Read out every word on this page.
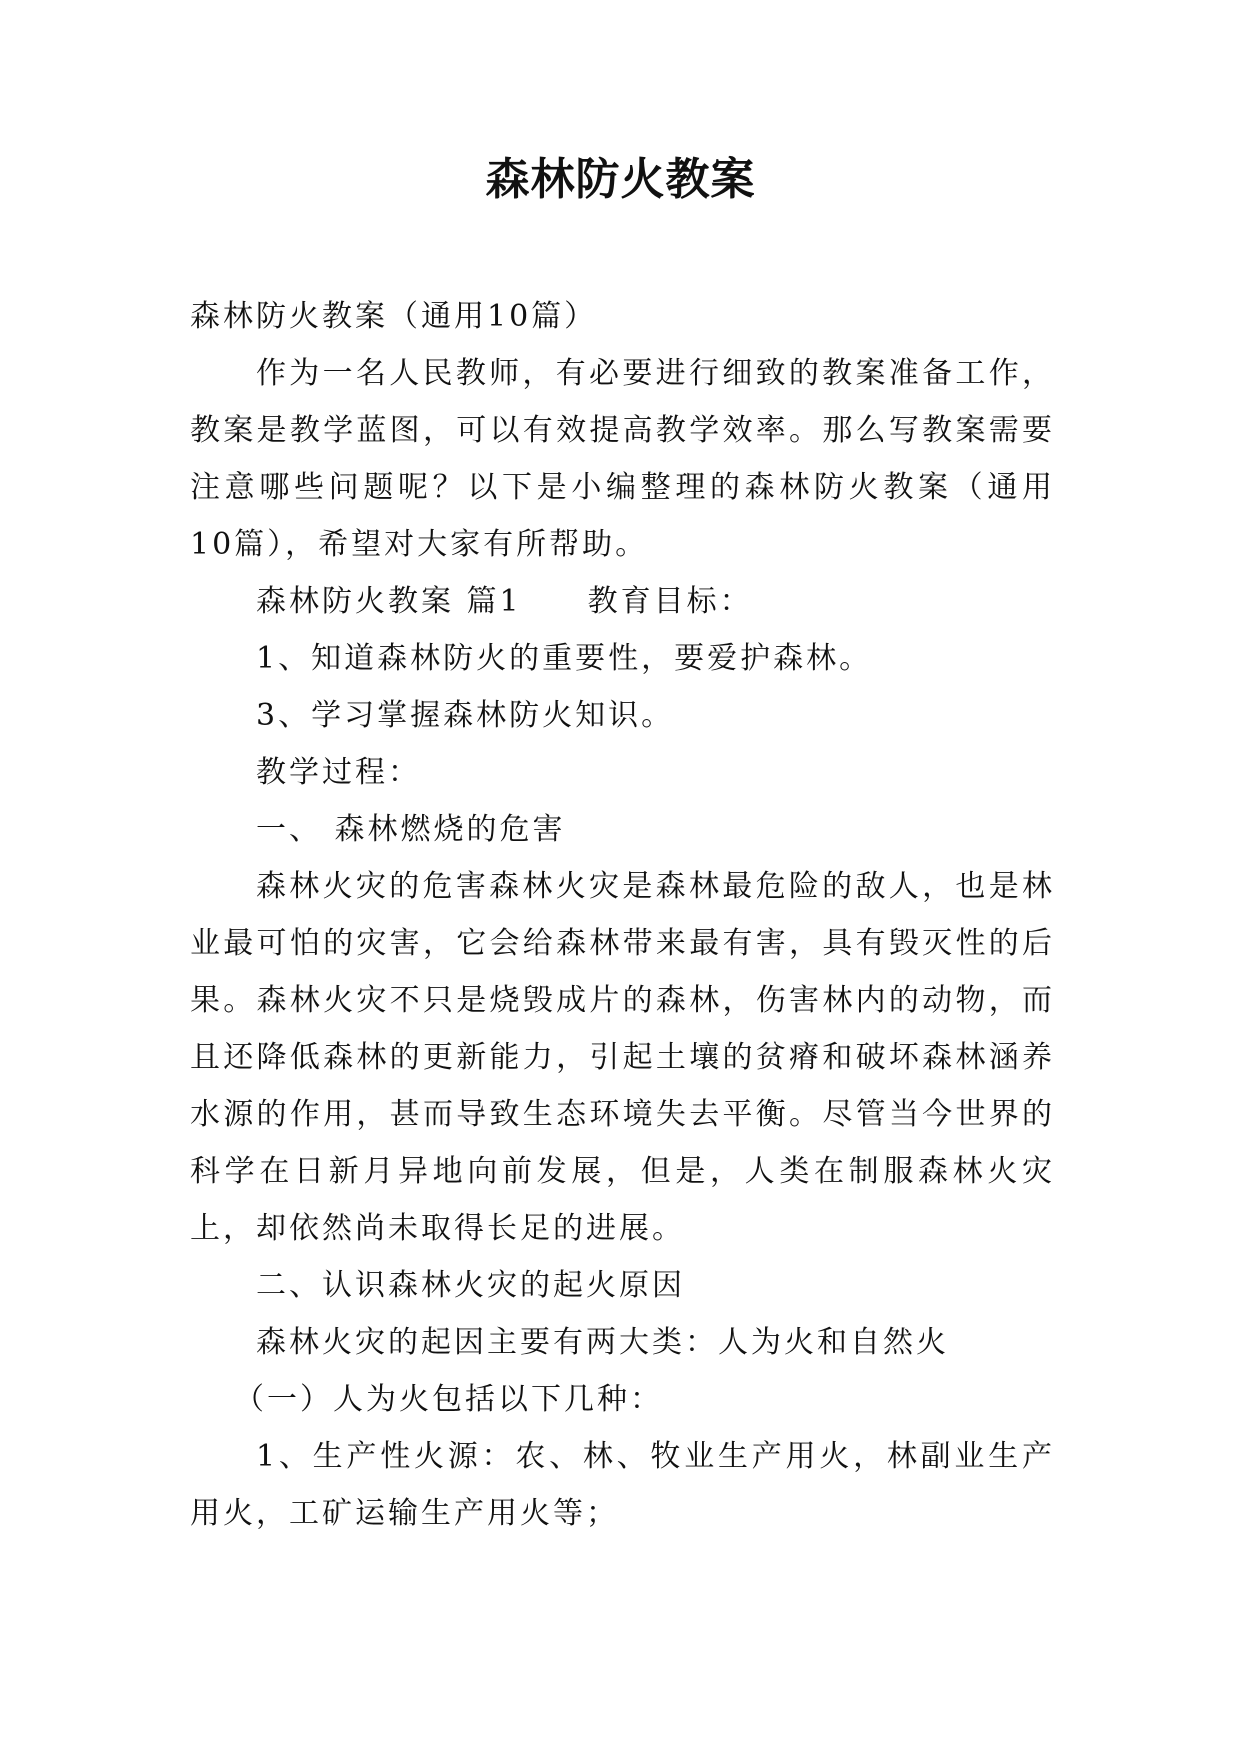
森林防火教案

森林防火教案（通用10篇）

作为一名人民教师，有必要进行细致的教案准备工作，教案是教学蓝图，可以有效提高教学效率。那么写教案需要注意哪些问题呢？以下是小编整理的森林防火教案（通用10篇），希望对大家有所帮助。

森林防火教案 篇1　　教育目标：

1、知道森林防火的重要性，要爱护森林。

3、学习掌握森林防火知识。

教学过程：

一、 森林燃烧的危害

森林火灾的危害森林火灾是森林最危险的敌人，也是林业最可怕的灾害，它会给森林带来最有害，具有毁灭性的后果。森林火灾不只是烧毁成片的森林，伤害林内的动物，而且还降低森林的更新能力，引起土壤的贫瘠和破坏森林涵养水源的作用，甚而导致生态环境失去平衡。尽管当今世界的科学在日新月异地向前发展，但是，人类在制服森林火灾上，却依然尚未取得长足的进展。

二、认识森林火灾的起火原因

森林火灾的起因主要有两大类：人为火和自然火

（一）人为火包括以下几种：

1、生产性火源：农、林、牧业生产用火，林副业生产用火，工矿运输生产用火等；
